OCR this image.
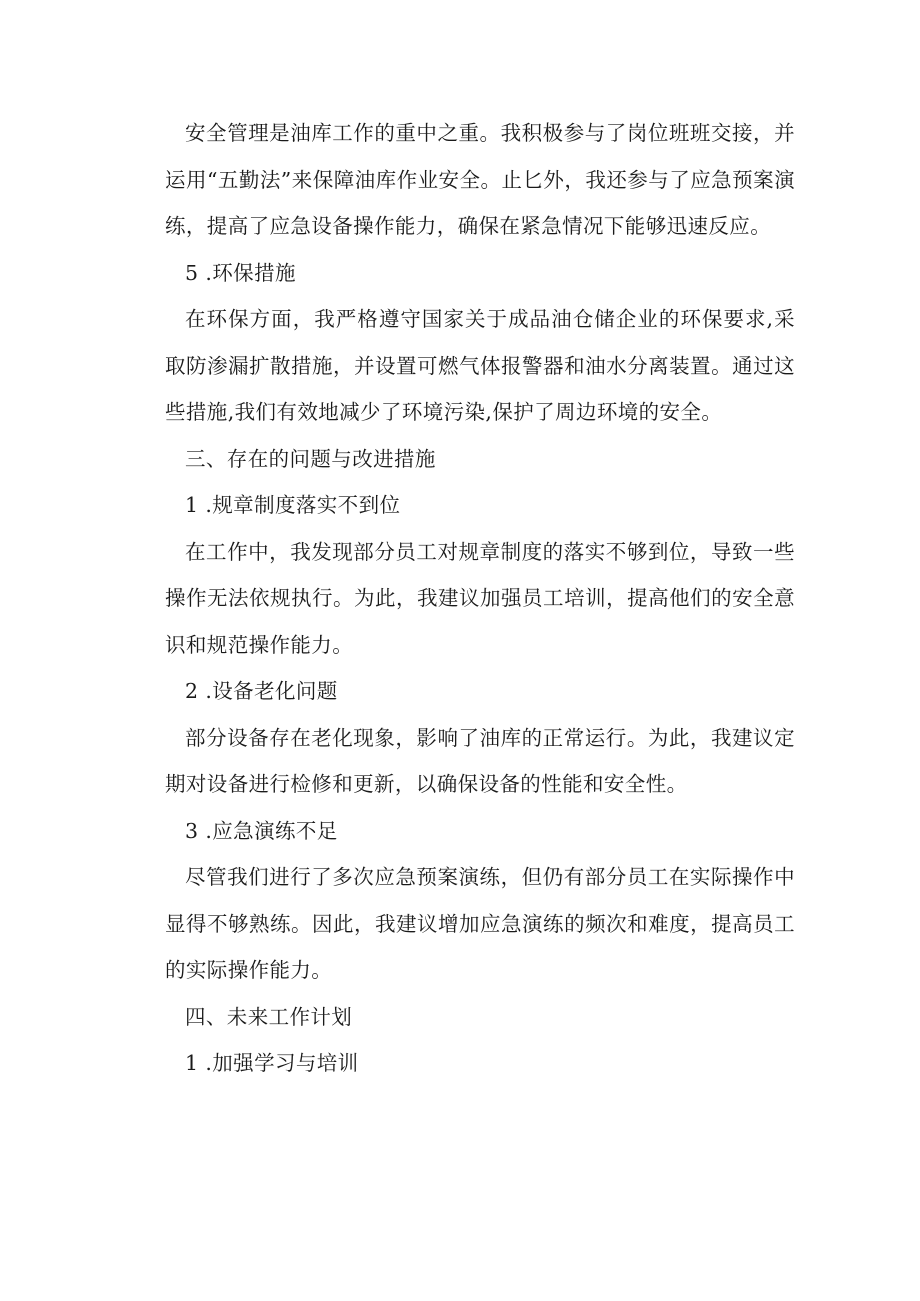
安全管理是油库工作的重中之重。我积极参与了岗位班班交接，并运用“五勤法”来保障油库作业安全。止匕外，我还参与了应急预案演练，提高了应急设备操作能力，确保在紧急情况下能够迅速反应。

5 .环保措施

在环保方面，我严格遵守国家关于成品油仓储企业的环保要求,采取防渗漏扩散措施，并设置可燃气体报警器和油水分离装置。通过这些措施,我们有效地减少了环境污染,保护了周边环境的安全。

三、存在的问题与改进措施

1 .规章制度落实不到位

在工作中，我发现部分员工对规章制度的落实不够到位，导致一些操作无法依规执行。为此，我建议加强员工培训，提高他们的安全意识和规范操作能力。

2 .设备老化问题

部分设备存在老化现象，影响了油库的正常运行。为此，我建议定期对设备进行检修和更新，以确保设备的性能和安全性。

3 .应急演练不足

尽管我们进行了多次应急预案演练，但仍有部分员工在实际操作中显得不够熟练。因此，我建议增加应急演练的频次和难度，提高员工的实际操作能力。

四、未来工作计划

1 .加强学习与培训
